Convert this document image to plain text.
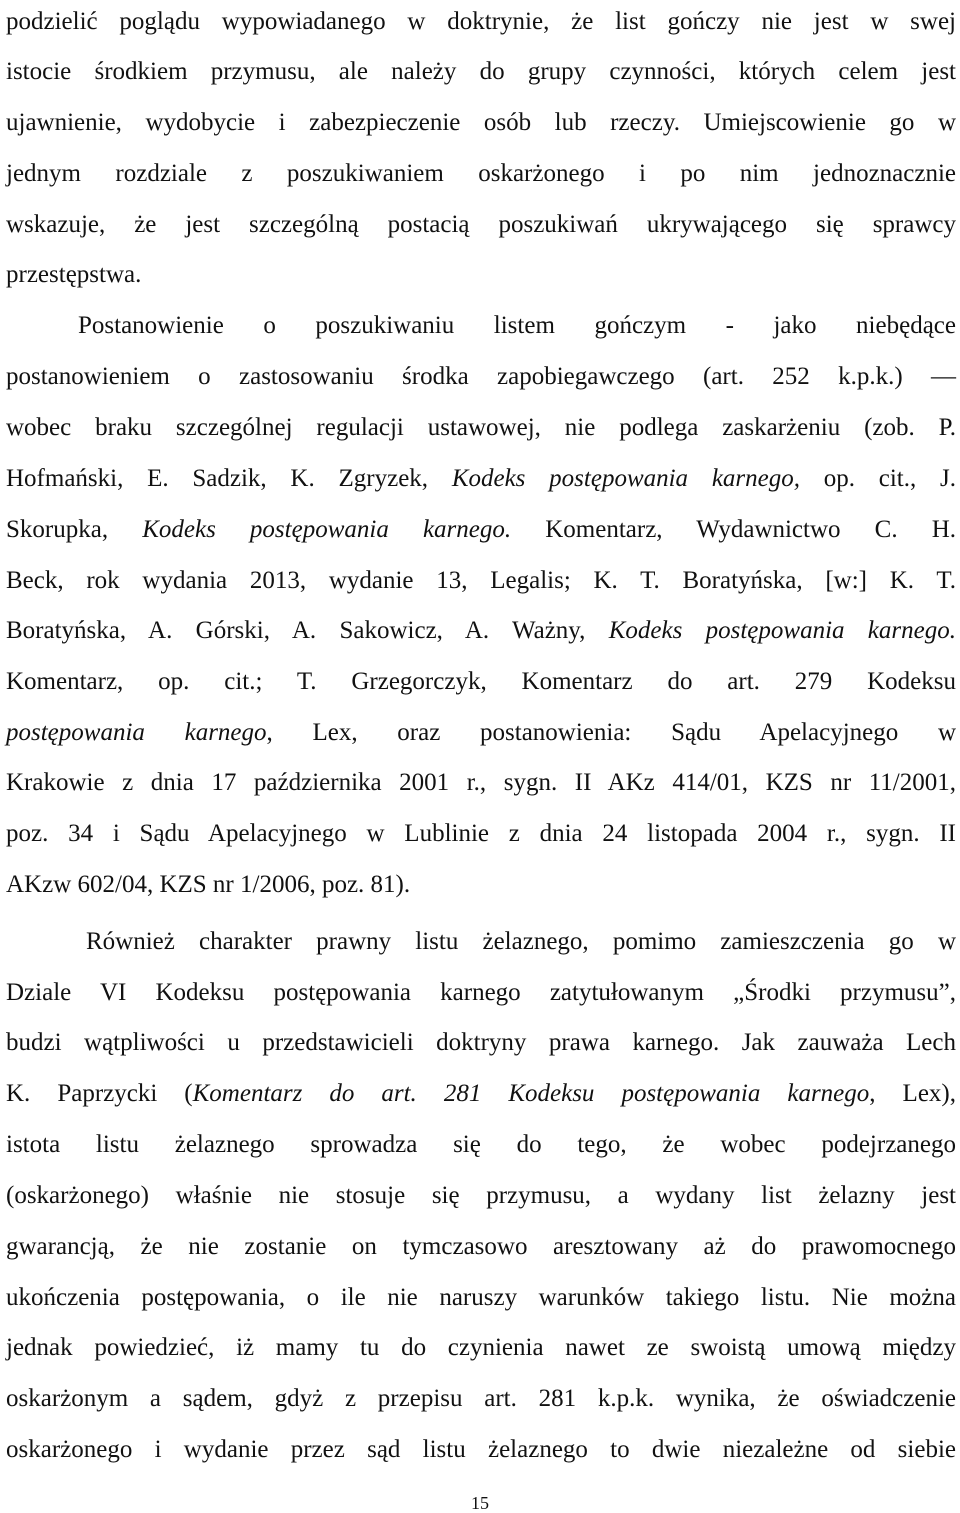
podzielić poglądu wypowiadanego w doktrynie, że list gończy nie jest w swej
istocie środkiem przymusu, ale należy do grupy czynności, których celem jest
ujawnienie, wydobycie i zabezpieczenie osób lub rzeczy. Umiejscowienie go w
jednym rozdziale z poszukiwaniem oskarżonego i po nim jednoznacznie
wskazuje, że jest szczególną postacią poszukiwań ukrywającego się sprawcy
przestępstwa.
Postanowienie o poszukiwaniu listem gończym - jako niebędące
postanowieniem o zastosowaniu środka zapobiegawczego (art. 252 k.p.k.) —
wobec braku szczególnej regulacji ustawowej, nie podlega zaskarżeniu (zob. P.
Hofmański, E. Sadzik, K. Zgryzek, Kodeks postępowania karnego, op. cit., J.
Skorupka, Kodeks postępowania karnego. Komentarz, Wydawnictwo C. H.
Beck, rok wydania 2013, wydanie 13, Legalis; K. T. Boratyńska, [w:] K. T.
Boratyńska, A. Górski, A. Sakowicz, A. Ważny, Kodeks postępowania karnego.
Komentarz, op. cit.; T. Grzegorczyk, Komentarz do art. 279 Kodeksu
postępowania karnego, Lex, oraz postanowienia: Sądu Apelacyjnego w
Krakowie z dnia 17 października 2001 r., sygn. II AKz 414/01, KZS nr 11/2001,
poz. 34 i Sądu Apelacyjnego w Lublinie z dnia 24 listopada 2004 r., sygn. II
AKzw 602/04, KZS nr 1/2006, poz. 81).
Również charakter prawny listu żelaznego, pomimo zamieszczenia go w
Dziale VI Kodeksu postępowania karnego zatytułowanym „Środki przymusu”,
budzi wątpliwości u przedstawicieli doktryny prawa karnego. Jak zauważa Lech
K. Paprzycki (Komentarz do art. 281 Kodeksu postępowania karnego, Lex),
istota listu żelaznego sprowadza się do tego, że wobec podejrzanego
(oskarżonego) właśnie nie stosuje się przymusu, a wydany list żelazny jest
gwarancją, że nie zostanie on tymczasowo aresztowany aż do prawomocnego
ukończenia postępowania, o ile nie naruszy warunków takiego listu. Nie można
jednak powiedzieć, iż mamy tu do czynienia nawet ze swoistą umową między
oskarżonym a sądem, gdyż z przepisu art. 281 k.p.k. wynika, że oświadczenie
oskarżonego i wydanie przez sąd listu żelaznego to dwie niezależne od siebie
15
